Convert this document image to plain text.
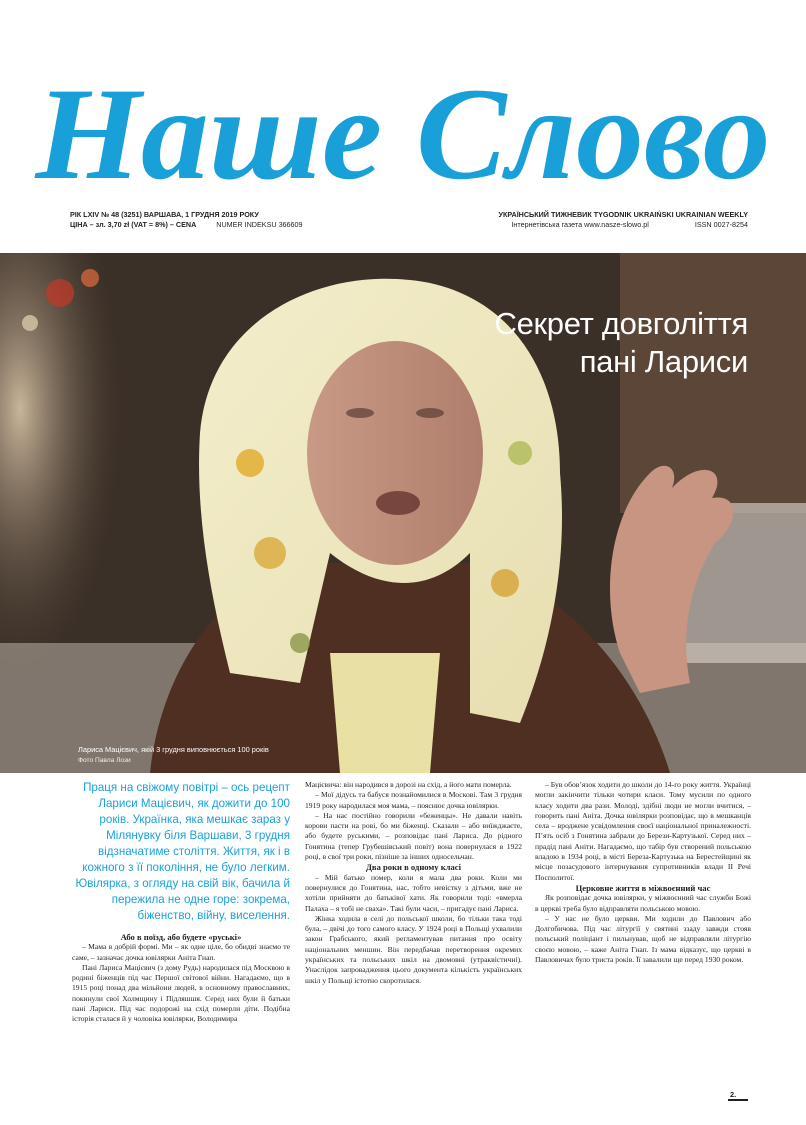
Наше Слово
РІК LXIV № 48 (3251) ВАРШАВА, 1 ГРУДНЯ 2019 РОКУ
ЦІНА – зл. 3,70 zł (VAT = 8%) – CENA	NUMER INDEKSU 366609
УКРАЇНСЬКИЙ ТИЖНЕВИК TYGODNIK UKRAIŃSKI UKRAINIAN WEEKLY
Інтернетівська газета www.nasze-slowo.pl	ISSN 0027-8254
Секрет довголіття
пані Лариси
Лариса Мацієвич, якій 3 грудня виповнюється 100 років
Фото Павла Лози
Праця на свіжому повітрі – ось рецепт Лариси Мацієвич, як дожити до 100 років. Українка, яка мешкає зараз у Мілянувку біля Варшави, 3 грудня відзначатиме століття. Життя, як і в кожного з її покоління, не було легким. Ювілярка, з огляду на свій вік, бачила й пережила не одне горе: зокрема, біженство, війну, виселення.

Або в поїзд, або будете «руські»

– Мама в добрій формі. Ми – як одне ціле, бо обидві знаємо те саме, – зазначає дочка ювілярки Аніта Гнап.

Пані Лариса Мацієвич (з дому Рудь) народилася під Москвою в родині біженців під час Першої світової війни. Нагадаємо, що в 1915 році понад два мільйони людей, в основному православних, покинули свої Холмщину і Підляшшя. Серед них були й батьки пані Лариси. Під час подорожі на схід померли діти. Подібна історія сталася й у чоловіка ювілярки, Володимира

Мацієвича: він народився в дорозі на схід, а його мати померла.

– Мої дідусь та бабуся познайомилися в Москові. Там 3 грудня 1919 року народилася моя мама, – пояснює дочка ювілярки.

– На нас постійно говорили «беженцы». Не давали навіть корови пасти на рові, бо ми біженці. Сказали – або виїжджаєте, або будете руськими, – розповідає пані Лариса. До рідного Гонятина (тепер Грубешівський повіт) вона повернулася в 1922 році, в свої три роки, пізніше за інших односельчан.

Два роки в одному класі

– Мій батько помер, коли я мала два роки. Коли ми повернулися до Гонятина, нас, тобто невістку з дітьми, вже не хотіли прийняти до батьківої хати. Як говорили тоді: «вмерла Палаха – я тобі не сваха». Такі були часи, – пригадує пані Лариса.

Жінка ходила в селі до польської школи, бо тільки така тоді була, – двічі до того самого класу. У 1924 році в Польщі ухвалили закон Грабського, який регламентував питання про освіту національних меншин. Він передбачав перетворення окремих українських та польських шкіл на двомовні (утраквістичні). Унаслідок запровадження цього документа кількість українських шкіл у Польщі істотно скоротилася.

– Був обов’язок ходити до школи до 14-го року життя. Українці могли закінчити тільки чотири класи. Тому мусили по одного класу ходити два рази. Молоді, здібні люди не могли вчитися, – говорить пані Аніта. Дочка ювілярки розповідає, що в мешканців села – вроджене усвідомлення своєї національної приналежності. П’ять осіб з Гонятина забрали до Берези-Картузької. Серед них – прадід пані Аніти. Нагадаємо, що табір був створений польською владою в 1934 році, в місті Береза-Картузька на Берестейщині як місце позасудового інтернування супротивників влади II Речі Посполитої.

Церковне життя в міжвоєнний час

Як розповідає дочка ювілярки, у міжвоєнний час служби Божі в церкві треба було відправляти польською мовою.

– У нас не було церкви. Ми ходили до Павлович або Долгобичова. Під час літургії у святині ззаду завжди стояв польський поліціант і пильнував, щоб не відправляли літургію своєю мовою, – каже Аніта Гнап. Із мама відказує, що церкві в Павловичах було триста років. Її завалили ще перед 1930 роком.

2.
